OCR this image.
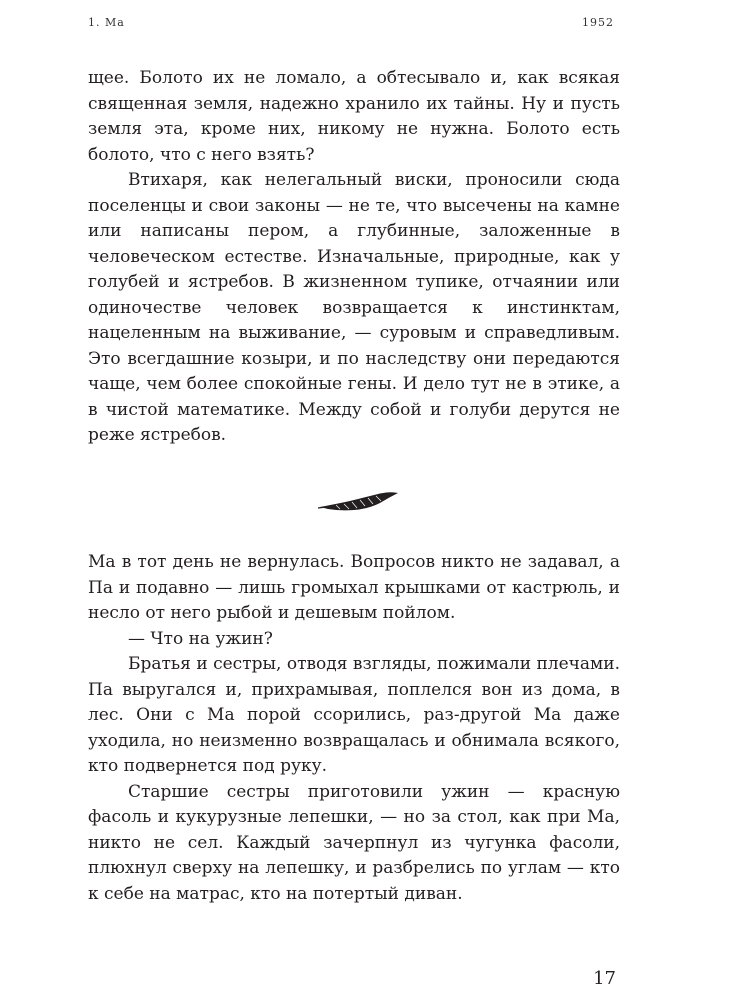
1. Ма	1952

щее. Болото их не ломало, а обтесывало и, как всякая священная земля, надежно хранило их тайны. Ну и пусть земля эта, кроме них, никому не нужна. Болото есть болото, что с него взять?

Втихаря, как нелегальный виски, проносили сюда поселенцы и свои законы — не те, что высечены на камне или написаны пером, а глубинные, заложенные в человеческом естестве. Изначальные, природные, как у голубей и ястребов. В жизненном тупике, отчаянии или одиночестве человек возвращается к инстинктам, нацеленным на выживание, — суровым и справедливым. Это всегдашние козыри, и по наследству они передаются чаще, чем более спокойные гены. И дело тут не в этике, а в чистой математике. Между собой и голуби дерутся не реже ястребов.

Ма в тот день не вернулась. Вопросов никто не задавал, а Па и подавно — лишь громыхал крышками от кастрюль, и несло от него рыбой и дешевым пойлом.

— Что на ужин?

Братья и сестры, отводя взгляды, пожимали плечами. Па выругался и, прихрамывая, поплелся вон из дома, в лес. Они с Ма порой ссорились, раз-другой Ма даже уходила, но неизменно возвращалась и обнимала всякого, кто подвернется под руку.

Старшие сестры приготовили ужин — красную фасоль и кукурузные лепешки, — но за стол, как при Ма, никто не сел. Каждый зачерпнул из чугунка фасоли, плюхнул сверху на лепешку, и разбрелись по углам — кто к себе на матрас, кто на потертый диван.

17
